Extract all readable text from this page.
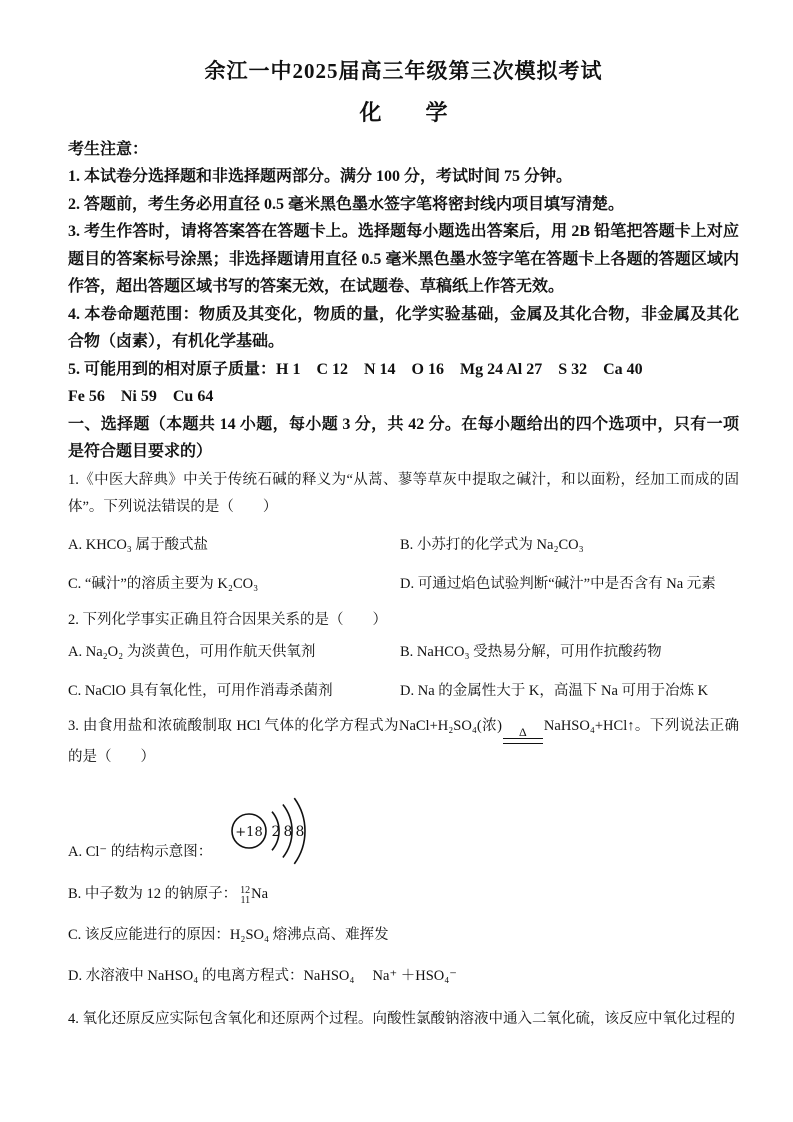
余江一中2025届高三年级第三次模拟考试
化　　学

考生注意：

1. 本试卷分选择题和非选择题两部分。满分 100 分，考试时间 75 分钟。

2. 答题前，考生务必用直径 0.5 毫米黑色墨水签字笔将密封线内项目填写清楚。

3. 考生作答时，请将答案答在答题卡上。选择题每小题选出答案后，用 2B 铅笔把答题卡上对应题目的答案标号涂黑；非选择题请用直径 0.5 毫米黑色墨水签字笔在答题卡上各题的答题区域内作答，超出答题区域书写的答案无效，在试题卷、草稿纸上作答无效。

4. 本卷命题范围：物质及其变化，物质的量，化学实验基础，金属及其化合物，非金属及其化合物（卤素），有机化学基础。

5. 可能用到的相对原子质量：H 1　C 12　N 14　O 16　Mg 24 Al 27　S 32　Ca 40

Fe 56　Ni 59　Cu 64

一、选择题（本题共 14 小题，每小题 3 分，共 42 分。在每小题给出的四个选项中，只有一项是符合题目要求的）

1.《中医大辞典》中关于传统石碱的释义为“从蒿、蓼等草灰中提取之碱汁，和以面粉，经加工而成的固体”。下列说法错误的是（　　）

A. KHCO₃ 属于酸式盐	B. 小苏打的化学式为 Na₂CO₃
C. “碱汁”的溶质主要为 K₂CO₃	D. 可通过焰色试验判断“碱汁”中是否含有 Na 元素

2. 下列化学事实正确且符合因果关系的是（　　）

A. Na₂O₂ 为淡黄色，可用作航天供氧剂	B. NaHCO₃ 受热易分解，可用作抗酸药物
C. NaClO 具有氧化性，可用作消毒杀菌剂	D. Na 的金属性大于 K，高温下 Na 可用于冶炼 K

3. 由食用盐和浓硫酸制取 HCl 气体的化学方程式为NaCl+H₂SO₄(浓)	Δ	NaHSO₄+HCl↑。下列说法正确的是（　　）

A. Cl⁻ 的结构示意图：
+18 2 8 8
B. 中子数为 12 的钠原子： 12
11 Na
C. 该反应能进行的原因：H₂SO₄ 熔沸点高、难挥发
D. 水溶液中 NaHSO₄ 的电离方程式：NaHSO₄　 Na⁺ ＋HSO₄⁻

4. 氧化还原反应实际包含氧化和还原两个过程。向酸性氯酸钠溶液中通入二氧化硫，该反应中氧化过程的
